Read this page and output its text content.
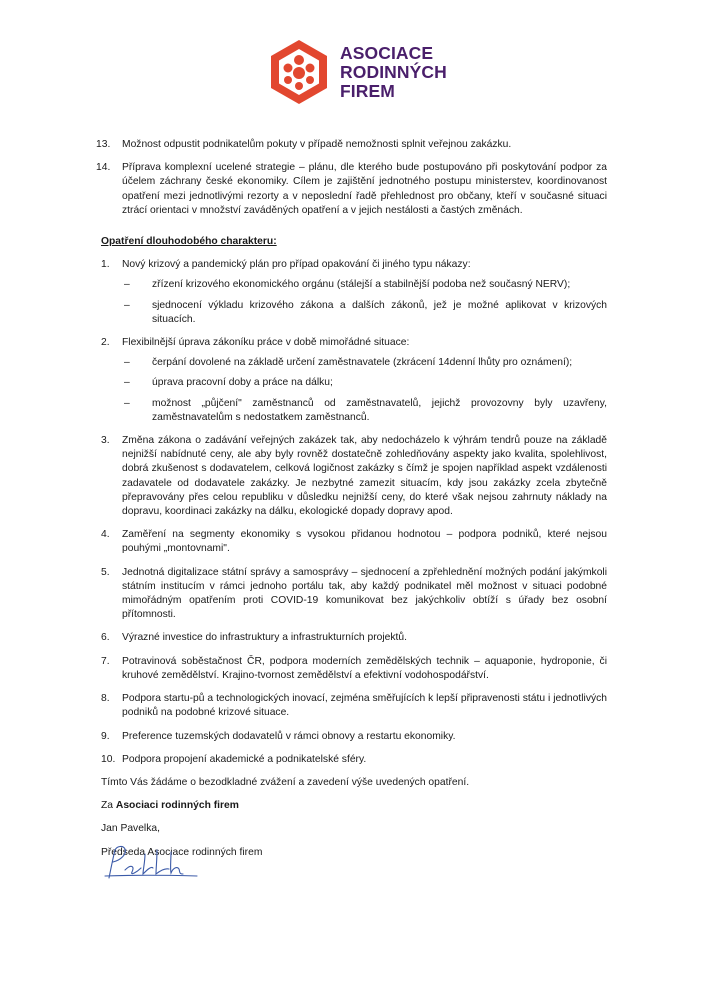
ASOCIACE
RODINNÝCH
FIREM
13.	Možnost odpustit podnikatelům pokuty v případě nemožnosti splnit veřejnou zakázku.
14.	Příprava komplexní ucelené strategie – plánu, dle kterého bude postupováno při poskytování podpor za účelem záchrany české ekonomiky. Cílem je zajištění jednotného postupu ministerstev, koordinovanost opatření mezi jednotlivými rezorty a v neposlední řadě přehlednost pro občany, kteří v současné situaci ztrácí orientaci v množství zaváděných opatření a v jejich nestálosti a častých změnách.
Opatření dlouhodobého charakteru:
1.	Nový krizový a pandemický plán pro případ opakování či jiného typu nákazy:
–	zřízení krizového ekonomického orgánu (stálejší a stabilnější podoba než současný NERV);
–	sjednocení výkladu krizového zákona a dalších zákonů, jež je možné aplikovat v krizových situacích.
2.	Flexibilnější úprava zákoníku práce v době mimořádné situace:
–	čerpání dovolené na základě určení zaměstnavatele (zkrácení 14denní lhůty pro oznámení);
–	úprava pracovní doby a práce na dálku;
–	možnost „půjčení" zaměstnanců od zaměstnavatelů, jejichž provozovny byly uzavřeny, zaměstnavatelům s nedostatkem zaměstnanců.
3.	Změna zákona o zadávání veřejných zakázek tak, aby nedocházelo k výhrám tendrů pouze na základě nejnižší nabídnuté ceny, ale aby byly rovněž dostatečně zohledňovány aspekty jako kvalita, spolehlivost, dobrá zkušenost s dodavatelem, celková logičnost zakázky s čímž je spojen například aspekt vzdálenosti zadavatele od dodavatele zakázky. Je nezbytné zamezit situacím, kdy jsou zakázky zcela zbytečně přepravovány přes celou republiku v důsledku nejnižší ceny, do které však nejsou zahrnuty náklady na dopravu, koordinaci zakázky na dálku, ekologické dopady dopravy apod.
4.	Zaměření na segmenty ekonomiky s vysokou přidanou hodnotou – podpora podniků, které nejsou pouhými „montovnami".
5.	Jednotná digitalizace státní správy a samosprávy – sjednocení a zpřehlednění možných podání jakýmkoli státním institucím v rámci jednoho portálu tak, aby každý podnikatel měl možnost v situaci podobné mimořádným opatřením proti COVID-19 komunikovat bez jakýchkoliv obtíží s úřady bez osobní přítomnosti.
6.	Výrazné investice do infrastruktury a infrastrukturních projektů.
7.	Potravinová soběstačnost ČR, podpora moderních zemědělských technik – aquaponie, hydroponie, či kruhové zemědělství. Krajino-tvornost zemědělství a efektivní vodohospodářství.
8.	Podpora startu-pů a technologických inovací, zejména směřujících k lepší připravenosti státu i jednotlivých podniků na podobné krizové situace.
9.	Preference tuzemských dodavatelů v rámci obnovy a restartu ekonomiky.
10. Podpora propojení akademické a podnikatelské sféry.
Tímto Vás žádáme o bezodkladné zvážení a zavedení výše uvedených opatření.
Za Asociaci rodinných firem
Jan Pavelka,
Předseda Asociace rodinných firem
